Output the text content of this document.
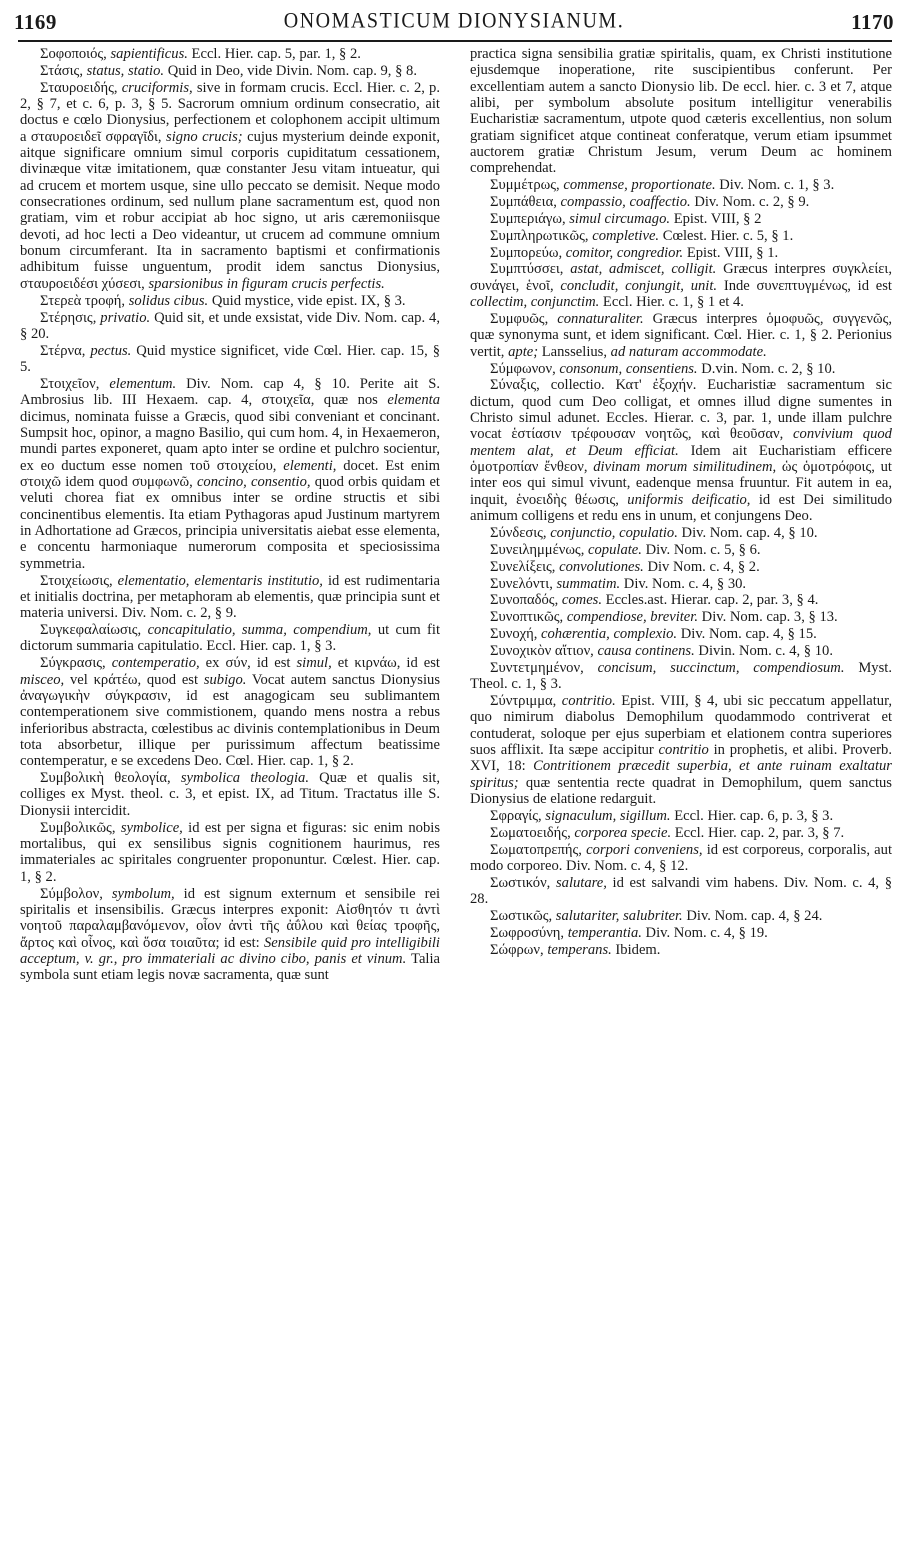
1169	ONOMASTICUM DIONYSIANUM.	1170

Σοφοποιός, sapientificus. Eccl. Hier. cap. 5, par. 1, § 2.

Στάσις, status, statio. Quid in Deo, vide Divin. Nom. cap. 9, § 8.

Σταυροειδής, cruciformis, sive in formam crucis. Eccl. Hier. c. 2, p. 2, § 7, et c. 6, p. 3, § 5. Sacrorum omnium ordinum consecratio, ait doctus e cœlo Dionysius, perfectionem et colophonem accipit ultimum a σταυροειδεῖ σφραγῖδι, signo crucis; cujus mysterium deinde exponit, aitque significare omnium simul corporis cupiditatum cessationem, divinæque vitæ imitationem, quæ constanter Jesu vitam intueatur, qui ad crucem et mortem usque, sine ullo peccato se demisit. Neque modo consecrationes ordinum, sed nullum plane sacramentum est, quod non gratiam, vim et robur accipiat ab hoc signo, ut aris cæremoniisque devoti, ad hoc lecti a Deo videantur, ut crucem ad commune omnium bonum circumferant. Ita in sacramento baptismi et confirmationis adhibitum fuisse unguentum, prodit idem sanctus Dionysius, σταυροειδέσι χύσεσι, sparsionibus in figuram crucis perfectis.

Στερεὰ τροφή, solidus cibus. Quid mystice, vide epist. IX, § 3.

Στέρησις, privatio. Quid sit, et unde exsistat, vide Div. Nom. cap. 4, § 20.

Στέρνα, pectus. Quid mystice significet, vide Cœl. Hier. cap. 15, § 5.

Στοιχεῖον, elementum. Div. Nom. cap 4, § 10. Perite ait S. Ambrosius lib. III Hexaem. cap. 4, στοιχεῖα, quæ nos elementa dicimus, nominata fuisse a Græcis, quod sibi conveniant et concinant. Sumpsit hoc, opinor, a magno Basilio, qui cum hom. 4, in Hexaemeron, mundi partes exponeret, quam apto inter se ordine et pulchro socientur, ex eo ductum esse nomen τοῦ στοιχείου, elementi, docet. Est enim στοιχῶ idem quod συμφωνῶ, concino, consentio, quod orbis quidam et veluti chorea fiat ex omnibus inter se ordine structis et sibi concinentibus elementis. Ita etiam Pythagoras apud Justinum martyrem in Adhortatione ad Græcos, principia universitatis aiebat esse elementa, e concentu harmoniaque numerorum composita et speciosissima symmetria.

Στοιχείωσις, elementatio, elementaris institutio, id est rudimentaria et initialis doctrina, per metaphoram ab elementis, quæ principia sunt et materia universi. Div. Nom. c. 2, § 9.

Συγκεφαλαίωσις, concapitulatio, summa, compendium, ut cum fit dictorum summaria capitulatio. Eccl. Hier. cap. 1, § 3.

Σύγκρασις, contemperatio, ex σύν, id est simul, et κιρνάω, id est misceo, vel κράτέω, quod est subigo. Vocat autem sanctus Dionysius ἀναγωγικὴν σύγκρασιν, id est anagogicam seu sublimantem contemperationem sive commistionem, quando mens nostra a rebus inferioribus abstracta, cœlestibus ac divinis contemplationibus in Deum tota absorbetur, illique per purissimum affectum beatissime contemperatur, e se excedens Deo. Cœl. Hier. cap. 1, § 2.

Συμβολικὴ θεολογία, symbolica theologia. Quæ et qualis sit, colliges ex Myst. theol. c. 3, et epist. IX, ad Titum. Tractatus ille S. Dionysii intercidit.

Συμβολικῶς, symbolice, id est per signa et figuras: sic enim nobis mortalibus, qui ex sensilibus signis cognitionem haurimus, res immateriales ac spiritales congruenter proponuntur. Cœlest. Hier. cap. 1, § 2.

Σύμβολον, symbolum, id est signum externum et sensibile rei spiritalis et insensibilis. Græcus interpres exponit: Αἰσθητόν τι ἀντὶ νοητοῦ παραλαμβανόμενον, οἷον ἀντὶ τῆς ἀΰλου καὶ θείας τροφῆς, ἄρτος καὶ οἶνος, καὶ ὅσα τοιαῦτα; id est: Sensibile quid pro intelligibili acceptum, v. gr., pro immateriali ac divino cibo, panis et vinum. Talia symbola sunt etiam legis novæ sacramenta, quæ sunt

practica signa sensibilia gratiæ spiritalis, quam, ex Christi institutione ejusdemque inoperatione, rite suscipientibus conferunt. Per excellentiam autem a sancto Dionysio lib. De eccl. hier. c. 3 et 7, atque alibi, per symbolum absolute positum intelligitur venerabilis Eucharistiæ sacramentum, utpote quod cæteris excellentius, non solum gratiam significet atque contineat conferatque, verum etiam ipsummet auctorem gratiæ Christum Jesum, verum Deum ac hominem comprehendat.

Συμμέτρως, commense, proportionate. Div. Nom. c. 1, § 3.

Συμπάθεια, compassio, coaffectio. Div. Nom. c. 2, § 9.

Συμπεριάγω, simul circumago. Epist. VIII, § 2

Συμπληρωτικῶς, completive. Cœlest. Hier. c. 5, § 1.

Συμπορεύω, comitor, congredior. Epist. VIII, § 1.

Συμπτύσσει, astat, admiscet, colligit. Græcus interpres συγκλείει, συνάγει, ἑνοῖ, concludit, conjungit, unit. Inde συνεπτυγμένως, id est collectim, conjunctim. Eccl. Hier. c. 1, § 1 et 4.

Συμφυῶς, connaturaliter. Græcus interpres ὁμοφυῶς, συγγενῶς, quæ synonyma sunt, et idem significant. Cœl. Hier. c. 1, § 2. Perionius vertit, apte; Lansselius, ad naturam accommodate.

Σύμφωνον, consonum, consentiens. D.vin. Nom. c. 2, § 10.

Σύναξις, collectio. Κατ' ἐξοχήν. Eucharistiæ sacramentum sic dictum, quod cum Deo colligat, et omnes illud digne sumentes in Christo simul adunet. Eccles. Hierar. c. 3, par. 1, unde illam pulchre vocat ἑστίασιν τρέφουσαν νοητῶς, καὶ θεοῦσαν, convivium quod mentem alat, et Deum efficiat. Idem ait Eucharistiam efficere ὁμοτροπίαν ἔνθεον, divinam morum similitudinem, ὡς ὁμοτρόφοις, ut inter eos qui simul vivunt, eadenque mensa fruuntur. Fit autem in ea, inquit, ἑνοειδὴς θέωσις, uniformis deificatio, id est Dei similitudo animum colligens et redu ens in unum, et conjungens Deo.

Σύνδεσις, conjunctio, copulatio. Div. Nom. cap. 4, § 10.

Συνειλημμένως, copulate. Div. Nom. c. 5, § 6.

Συνελίξεις, convolutiones. Div Nom. c. 4, § 2.

Συνελόντι, summatim. Div. Nom. c. 4, § 30.

Συνοπαδός, comes. Eccles.ast. Hierar. cap. 2, par. 3, § 4.

Συνοπτικῶς, compendiose, breviter. Div. Nom. cap. 3, § 13.

Συνοχή, cohærentia, complexio. Div. Nom. cap. 4, § 15.

Συνοχικὸν αἴτιον, causa continens. Divin. Nom. c. 4, § 10.

Συντετμημένον, concisum, succinctum, compendiosum. Myst. Theol. c. 1, § 3.

Σύντριμμα, contritio. Epist. VIII, § 4, ubi sic peccatum appellatur, quo nimirum diabolus Demophilum quodammodo contriverat et contuderat, soloque per ejus superbiam et elationem contra superiores suos afflixit. Ita sæpe accipitur contritio in prophetis, et alibi. Proverb. XVI, 18: Contritionem præcedit superbia, et ante ruinam exaltatur spiritus; quæ sententia recte quadrat in Demophilum, quem sanctus Dionysius de elatione redarguit.

Σφραγίς, signaculum, sigillum. Eccl. Hier. cap. 6, p. 3, § 3.

Σωματοειδής, corporea specie. Eccl. Hier. cap. 2, par. 3, § 7.

Σωματοπρεπής, corpori conveniens, id est corporeus, corporalis, aut modo corporeo. Div. Nom. c. 4, § 12.

Σωστικόν, salutare, id est salvandi vim habens. Div. Nom. c. 4, § 28.

Σωστικῶς, salutariter, salubriter. Div. Nom. cap. 4, § 24.

Σωφροσύνη, temperantia. Div. Nom. c. 4, § 19.

Σώφρων, temperans. Ibidem.
